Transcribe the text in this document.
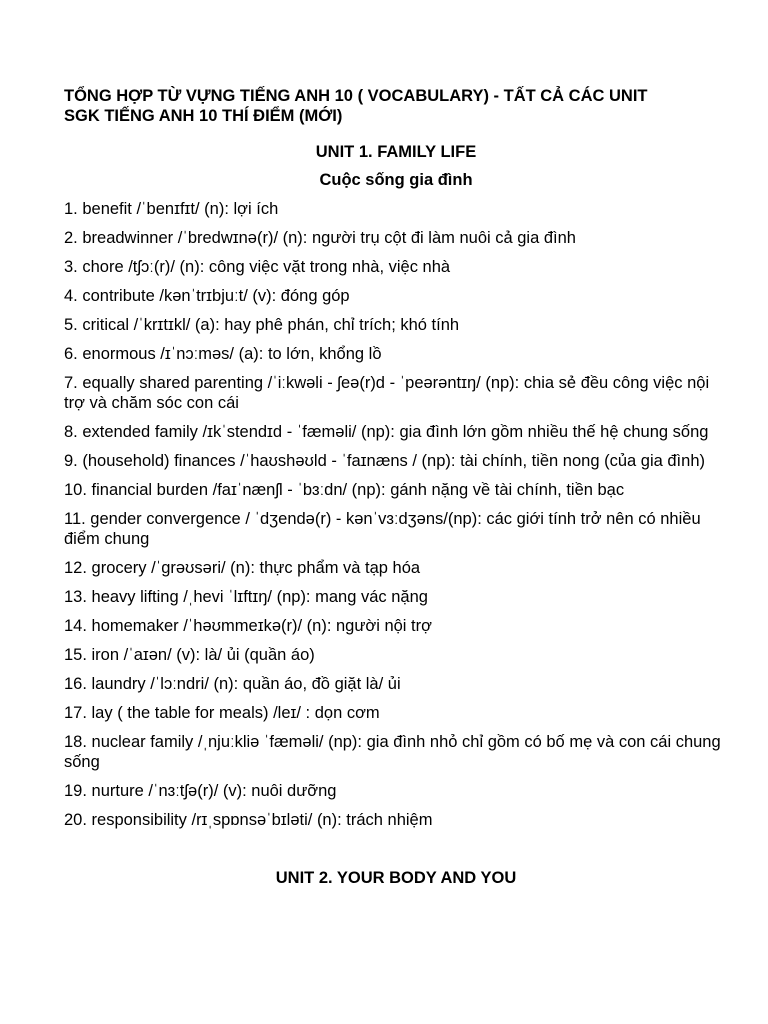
TỔNG HỢP TỪ VỰNG TIẾNG ANH 10 ( VOCABULARY) - TẤT CẢ CÁC UNIT
SGK TIẾNG ANH 10 THÍ ĐIỂM (MỚI)
UNIT 1. FAMILY LIFE
Cuộc sống gia đình
1. benefit /ˈbenɪfɪt/ (n): lợi ích
2. breadwinner /ˈbredwɪnə(r)/ (n): người trụ cột đi làm nuôi cả gia đình
3. chore /tʃɔː(r)/ (n): công việc vặt trong nhà, việc nhà
4. contribute /kənˈtrɪbjuːt/ (v): đóng góp
5. critical /ˈkrɪtɪkl/ (a): hay phê phán, chỉ trích; khó tính
6. enormous /ɪˈnɔːməs/ (a): to lớn, khổng lồ
7. equally shared parenting /ˈiːkwəli - ʃeə(r)d - ˈpeərəntɪŋ/ (np): chia sẻ đều công việc nội trợ và chăm sóc con cái
8. extended family /ɪkˈstendɪd - ˈfæməli/ (np): gia đình lớn gồm nhiều thế hệ chung sống
9. (household) finances /ˈhaʊshəʊld - ˈfaɪnæns / (np): tài chính, tiền nong (của gia đình)
10. financial burden /faɪˈnænʃl - ˈbɜːdn/ (np): gánh nặng về tài chính, tiền bạc
11. gender convergence / ˈdʒendə(r) - kənˈvɜːdʒəns/(np): các giới tính trở nên có nhiều điểm chung
12. grocery /ˈɡrəʊsəri/ (n): thực phẩm và tạp hóa
13. heavy lifting /ˌhevi ˈlɪftɪŋ/ (np): mang vác nặng
14. homemaker /ˈhəʊmmeɪkə(r)/ (n): người nội trợ
15. iron /ˈaɪən/ (v): là/ ủi (quần áo)
16. laundry /ˈlɔːndri/ (n): quần áo, đồ giặt là/ ủi
17. lay ( the table for meals) /leɪ/ : dọn cơm
18. nuclear family /ˌnjuːkliə ˈfæməli/ (np): gia đình nhỏ chỉ gồm có bố mẹ và con cái chung sống
19. nurture /ˈnɜːtʃə(r)/ (v): nuôi dưỡng
20. responsibility /rɪˌspɒnsəˈbɪləti/ (n): trách nhiệm
UNIT 2. YOUR BODY AND YOU
